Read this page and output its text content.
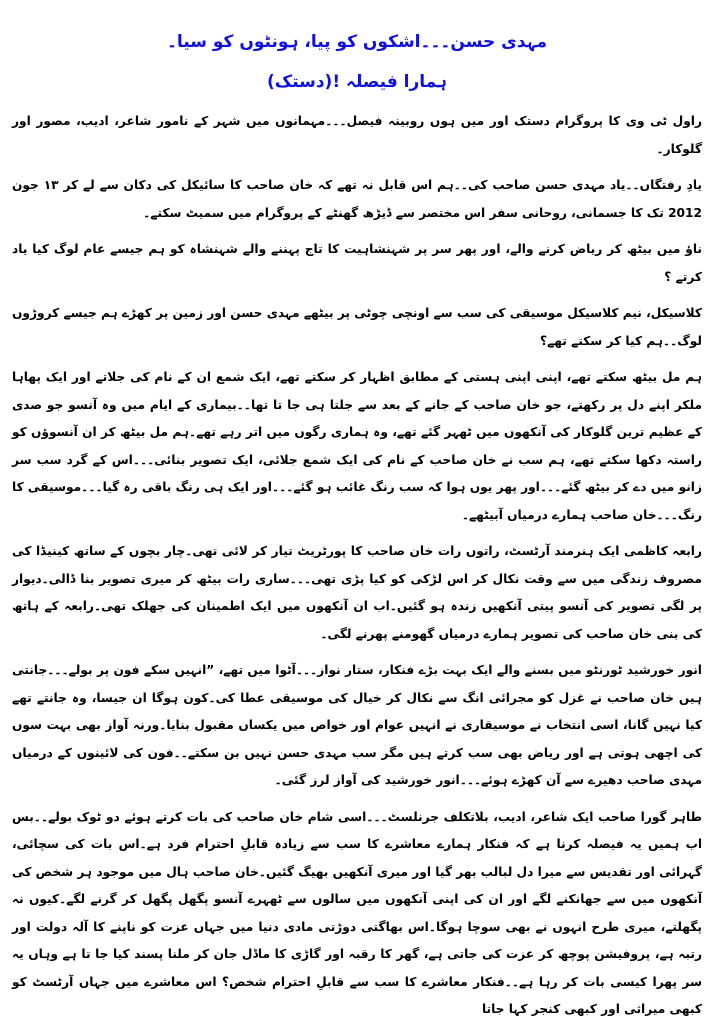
مہدی حسن۔۔۔اشکوں کو پیا، ہونٹوں کو سیا۔
ہمارا فیصلہ !(دستک)

راول ٹی وی کا پروگرام دستک اور میں ہوں روبینہ فیصل۔۔۔مہمانوں میں شہر کے نامور شاعر، ادیب، مصور اور گلوکار۔

یادِ رفتگاں۔۔یاد مہدی حسن صاحب کی۔۔ہم اس قابل نہ تھے کہ خان صاحب کا سائیکل کی دکان سے لے کر ۱۳ جون 2012 تک کا جسمانی، روحانی سفر اس مختصر سے ڈیڑھ گھنٹے کے پروگرام میں سمیٹ سکتے۔

ناؤ میں بیٹھ کر ریاض کرنے والے، اور پھر سر پر شہنشاہیت کا تاج پہننے والے شہنشاہ کو ہم جیسے عام لوگ کیا یاد کرتے ؟

کلاسیکل، نیم کلاسیکل موسیقی کی سب سے اونچی چوٹی پر بیٹھے مہدی حسن اور زمین پر کھڑے ہم جیسے کروڑوں لوگ۔۔ہم کیا کر سکتے تھے؟

ہم مل بیٹھ سکتے تھے، اپنی اپنی ہستی کے مطابق اظہار کر سکتے تھے، ایک شمع ان کے نام کی جلاتے اور ایک پھاہا ملکر اپنے دل پر رکھتے، جو خان صاحب کے جانے کے بعد سے جلتا ہی جا تا تھا۔۔بیماری کے ایام میں وہ آنسو جو صدی کے عظیم ترین گلوکار کی آنکھوں میں ٹھہر گئے تھے، وہ ہماری رگوں میں اتر رہے تھے۔ہم مل بیٹھ کر ان آنسوؤں کو راستہ دکھا سکتے تھے، ہم سب نے خان صاحب کے نام کی ایک شمع جلائی، ایک تصویر بنائی۔۔۔اس کے گرد سب سر زانو میں دے کر بیٹھ گئے۔۔۔اور پھر یوں ہوا کہ سب رنگ غائب ہو گئے۔۔۔اور ایک ہی رنگ باقی رہ گیا۔۔۔موسیقی کا رنگ۔۔۔خان صاحب ہمارے درمیاں آبیٹھے۔

رابعہ کاظمی ایک ہنرمند آرٹسٹ، راتوں رات خان صاحب کا پورٹریٹ تیار کر لائی تھی۔چار بچوں کے ساتھ کینیڈا کی مصروف زندگی میں سے وقت نکال کر اس لڑکی کو کیا پڑی تھی۔۔۔ساری رات بیٹھ کر میری تصویر بنا ڈالی۔دیوار پر لگی تصویر کی آنسو پیتی آنکھیں زندہ ہو گئیں۔اب ان آنکھوں میں ایک اطمینان کی جھلک تھی۔رابعہ کے ہاتھ کی بنی خان صاحب کی تصویر ہمارے درمیاں گھومنے پھرنے لگی۔

انور خورشید ٹورنٹو میں بسنے والے ایک بہت بڑے فنکار، ستار نواز۔۔۔آٹوا میں تھے، ”انہیں سکے فون پر بولے۔۔۔جانتی ہیں خان صاحب نے غزل کو مجرائی انگ سے نکال کر خیال کی موسیقی عطا کی۔کون ہوگا ان جیسا، وہ جانتے تھے کیا نہیں گانا، اسی انتخاب نے موسیقاری نے انہیں عوام اور خواص میں یکساں مقبول بنایا۔ورنہ آواز بھی بہت سوں کی اچھی ہوتی ہے اور ریاض بھی سب کرتے ہیں مگر سب مہدی حسن نہیں بن سکتے۔۔فون کی لائینوں کے درمیاں مہدی صاحب دھیرے سے آن کھڑے ہوئے۔۔۔انور خورشید کی آواز لرز گئی۔

طاہر گورا صاحب ایک شاعر، ادیب، بلاتکلف جرنلسٹ۔۔۔اسی شام خان صاحب کی بات کرتے ہوئے دو ٹوک بولے۔۔بس اب ہمیں یہ فیصلہ کرنا ہے کہ فنکار ہمارے معاشرے کا سب سے زیادہ قابلِ احترام فرد ہے۔اس بات کی سچائی، گہرائی اور تقدیس سے میرا دل لبالب بھر گیا اور میری آنکھیں بھیگ گئیں۔خان صاحب ہال میں موجود ہر شخص کی آنکھوں میں سے جھانکنے لگے اور ان کی اپنی آنکھوں میں سالوں سے ٹھہرے آنسو پگھل پگھل کر گرنے لگے۔کیوں نہ پگھلتے، میری طرح انہوں نے بھی سوچا ہوگا۔اس بھاگتی دوڑتی مادی دنیا میں جہاں عزت کو ناپنے کا آلہ دولت اور رتبہ ہے، پروفیشن پوچھ کر عزت کی جاتی ہے، گھر کا رقبہ اور گاڑی کا ماڈل جان کر ملنا پسند کیا جا تا ہے وہاں یہ سر پھرا کیسی بات کر رہا ہے۔۔فنکار معاشرے کا سب سے قابلِ احترام شخص؟ اس معاشرے میں جہاں آرٹسٹ کو کبھی میراثی اور کبھی کنجر کہا جاتا
